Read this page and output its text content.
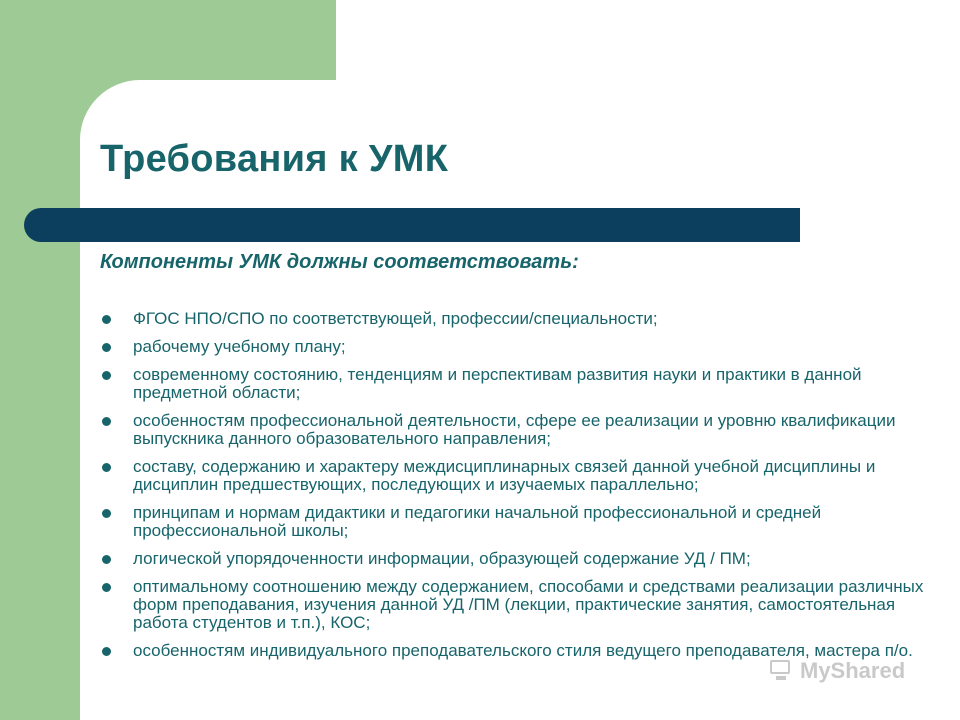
Требования к УМК
Компоненты УМК должны соответствовать:
ФГОС НПО/СПО по соответствующей, профессии/специальности;
рабочему учебному плану;
современному состоянию, тенденциям и перспективам развития науки и практики в данной предметной области;
особенностям профессиональной деятельности, сфере ее реализации и уровню квалификации выпускника данного образовательного направления;
составу, содержанию и характеру междисциплинарных связей данной учебной дисциплины и дисциплин предшествующих, последующих и изучаемых параллельно;
принципам и нормам дидактики и педагогики начальной профессиональной и средней профессиональной школы;
логической упорядоченности информации, образующей содержание УД / ПМ;
оптимальному соотношению между содержанием, способами и средствами реализации различных форм преподавания, изучения данной УД /ПМ (лекции, практические занятия, самостоятельная работа студентов и т.п.), КОС;
особенностям индивидуального преподавательского стиля ведущего преподавателя, мастера п/о.
MyShared
